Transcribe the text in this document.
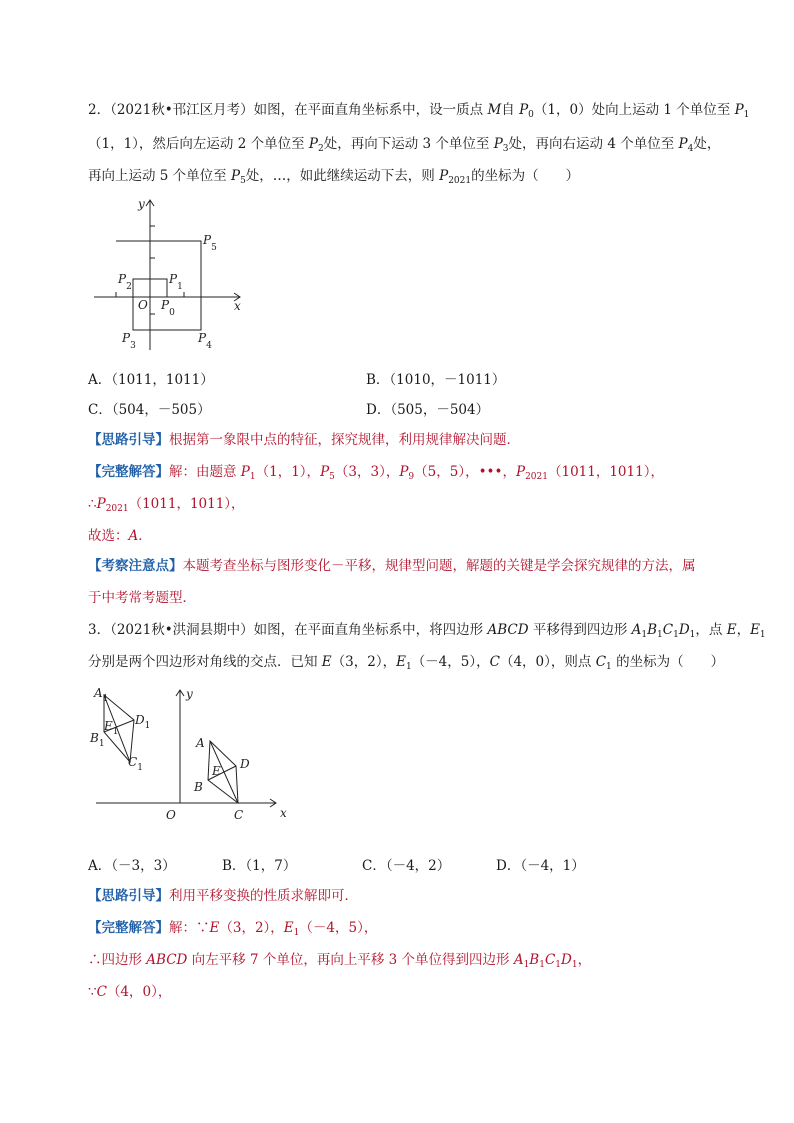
2．（2021秋•邗江区月考）如图，在平面直角坐标系中，设一质点 M自 $P_0(1$，0）处向上运动 1 个单位至 $P_1$
（1，1），然后向左运动 2 个单位至 $P_2$处，再向下运动 3 个单位至 $P_3$处，再向右运动 4 个单位至 $P_4$处，
再向上运动 5 个单位至 $P_5$处，…，如此继续运动下去，则 $P_{2021}$的坐标为（　　）
y
x
O
$P_5$
$P_2$
$P_1$
$P_0$
$P_3$
$P_4$
A．（1011，1011）	B．（1010，－1011）
C．（504，－505）	D．（505，－504）
【思路引导】根据第一象限中点的特征，探究规律，利用规律解决问题．
【完整解答】解：由题意 $P_1(1$，1），$P_5(3$，3），$P_9(5$，5），•••，$P_{2021}(1011$，1011），
$\therefore P_{2021}(1011$，1011），
故选：A．
【考察注意点】本题考查坐标与图形变化－平移，规律型问题，解题的关键是学会探究规律的方法，属
于中考常考题型．
3．（2021秋•洪洞县期中）如图，在平面直角坐标系中，将四边形 ABCD 平移得到四边形 $A_1B_1C_1D_1$，点 E，$E_1$
分别是两个四边形对角线的交点．已知 E（3，2），$E_1(-4$，5），C（4，0），则点 $C_1$ 的坐标为（　　）
$A_1$
$E_1$
$D_1$
$B_1$
$C_1$
A
E D
B
C
O	x
y
A．（－3，3）	B．（1，7）	C．（－4，2）	D．（－4，1）
【思路引导】利用平移变换的性质求解即可．
【完整解答】解：∵E（3，2），$E_1(-4$，5），
∴四边形 ABCD 向左平移 7 个单位，再向上平移 3 个单位得到四边形 $A_1B_1C_1D_1$，
∵C（4，0），
